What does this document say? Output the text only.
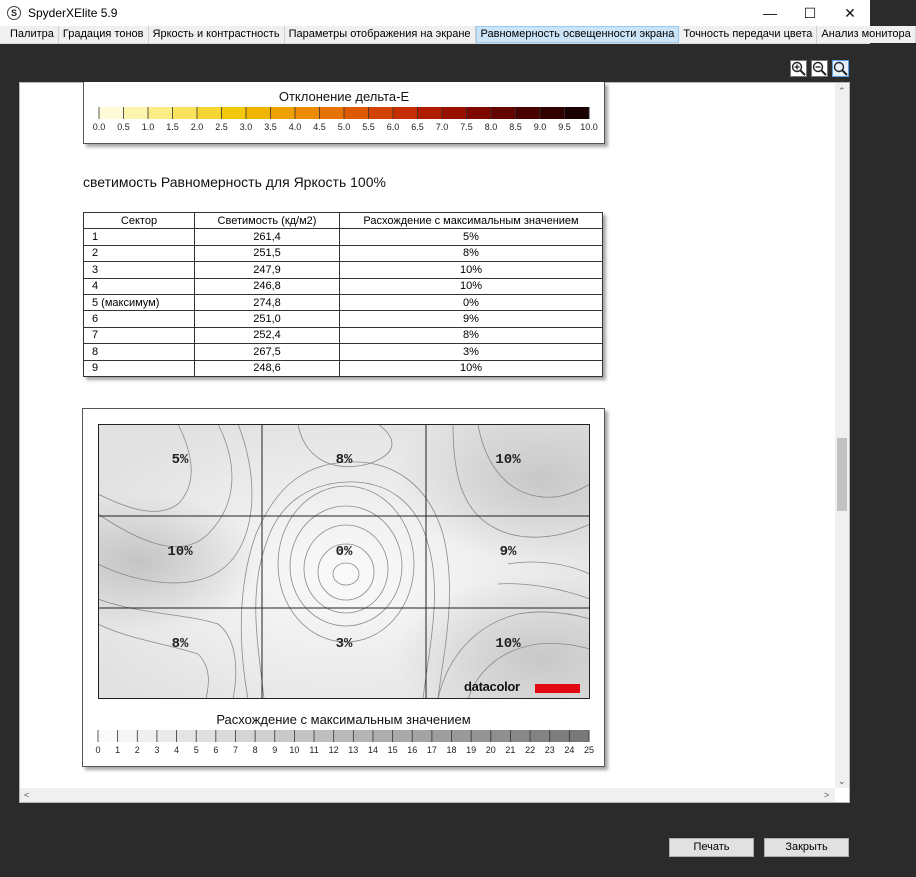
S SpyderXElite 5.9	—	☐	✕
Палитра Градация тонов Яркость и контрастность Параметры отображения на экране Равномерность освещенности экрана Точность передачи цвета Анализ монитора
Отклонение дельта-E
0.0 0.5 1.0 1.5 2.0 2.5 3.0 3.5 4.0 4.5 5.0 5.5 6.0 6.5 7.0 7.5 8.0 8.5 9.0 9.5 10.0
светимость Равномерность для Яркость 100%
Сектор	Светимость (кд/м2)	Расхождение с максимальным значением
1	261,4	5%
2	251,5	8%
3	247,9	10%
4	246,8	10%
5 (максимум)	274,8	0%
6	251,0	9%
7	252,4	8%
8	267,5	3%
9	248,6	10%
5%	8%	10%
10%	0%	9%
8%	3%	10%
datacolor
Расхождение с максимальным значением
0 1 2 3 4 5 6 7 8 9 10 11 12 13 14 15 16 17 18 19 20 21 22 23 24 25
⌃
⌄
<	>
Печать	Закрыть
